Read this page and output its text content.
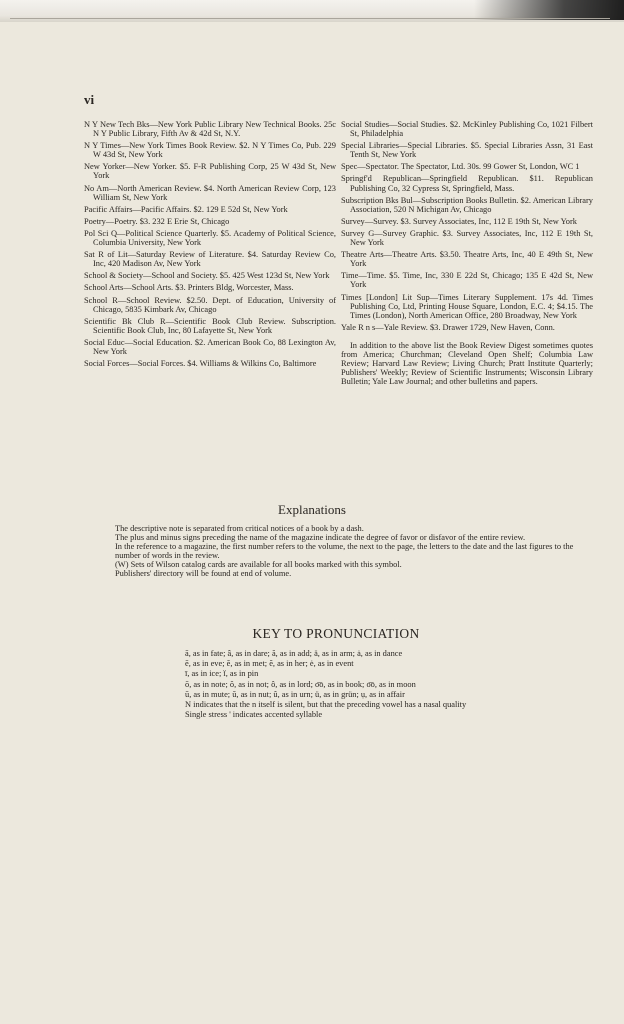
vi

N Y New Tech Bks—New York Public Library New Technical Books. 25c N Y Public Library, Fifth Av & 42d St, N.Y.

N Y Times—New York Times Book Review. $2. N Y Times Co, Pub. 229 W 43d St, New York

New Yorker—New Yorker. $5. F-R Publishing Corp, 25 W 43d St, New York

No Am—North American Review. $4. North American Review Corp, 123 William St, New York

Pacific Affairs—Pacific Affairs. $2. 129 E 52d St, New York

Poetry—Poetry. $3. 232 E Erie St, Chicago

Pol Sci Q—Political Science Quarterly. $5. Academy of Political Science, Columbia University, New York

Sat R of Lit—Saturday Review of Literature. $4. Saturday Review Co, Inc, 420 Madison Av, New York

School & Society—School and Society. $5. 425 West 123d St, New York

School Arts—School Arts. $3. Printers Bldg, Worcester, Mass.

School R—School Review. $2.50. Dept. of Education, University of Chicago, 5835 Kimbark Av, Chicago

Scientific Bk Club R—Scientific Book Club Review. Subscription. Scientific Book Club, Inc, 80 Lafayette St, New York

Social Educ—Social Education. $2. American Book Co, 88 Lexington Av, New York

Social Forces—Social Forces. $4. Williams & Wilkins Co, Baltimore

Social Studies—Social Studies. $2. McKinley Publishing Co, 1021 Filbert St, Philadelphia

Special Libraries—Special Libraries. $5. Special Libraries Assn, 31 East Tenth St, New York

Spec—Spectator. The Spectator, Ltd. 30s. 99 Gower St, London, WC 1

Springf'd Republican—Springfield Republican. $11. Republican Publishing Co, 32 Cypress St, Springfield, Mass.

Subscription Bks Bul—Subscription Books Bulletin. $2. American Library Association, 520 N Michigan Av, Chicago

Survey—Survey. $3. Survey Associates, Inc, 112 E 19th St, New York

Survey G—Survey Graphic. $3. Survey Associates, Inc, 112 E 19th St, New York

Theatre Arts—Theatre Arts. $3.50. Theatre Arts, Inc, 40 E 49th St, New York

Time—Time. $5. Time, Inc, 330 E 22d St, Chicago; 135 E 42d St, New York

Times [London] Lit Sup—Times Literary Supplement. 17s 4d. Times Publishing Co, Ltd, Printing House Square, London, E.C. 4; $4.15. The Times (London), North American Office, 280 Broadway, New York

Yale R n s—Yale Review. $3. Drawer 1729, New Haven, Conn.

In addition to the above list the Book Review Digest sometimes quotes from America; Churchman; Cleveland Open Shelf; Columbia Law Review; Harvard Law Review; Living Church; Pratt Institute Quarterly; Publishers' Weekly; Review of Scientific Instruments; Wisconsin Library Bulletin; Yale Law Journal; and other bulletins and papers.

Explanations

The descriptive note is separated from critical notices of a book by a dash.

The plus and minus signs preceding the name of the magazine indicate the degree of favor or disfavor of the entire review.

In the reference to a magazine, the first number refers to the volume, the next to the page, the letters to the date and the last figures to the number of words in the review.

(W) Sets of Wilson catalog cards are available for all books marked with this symbol.

Publishers' directory will be found at end of volume.

KEY TO PRONUNCIATION

ā, as in fate; â, as in dare; ă, as in add; ä, as in arm; ȧ, as in dance

ē, as in eve; ĕ, as in met; ẽ, as in her; ė, as in event

ī, as in ice; ĭ, as in pin

ō, as in note; ŏ, as in not; ô, as in lord; o͞o, as in book; o͞o, as in moon

ū, as in mute; ŭ, as in nut; û, as in urn; ü, as in grün; ụ, as in affair

N indicates that the n itself is silent, but that the preceding vowel has a nasal quality

Single stress ' indicates accented syllable
